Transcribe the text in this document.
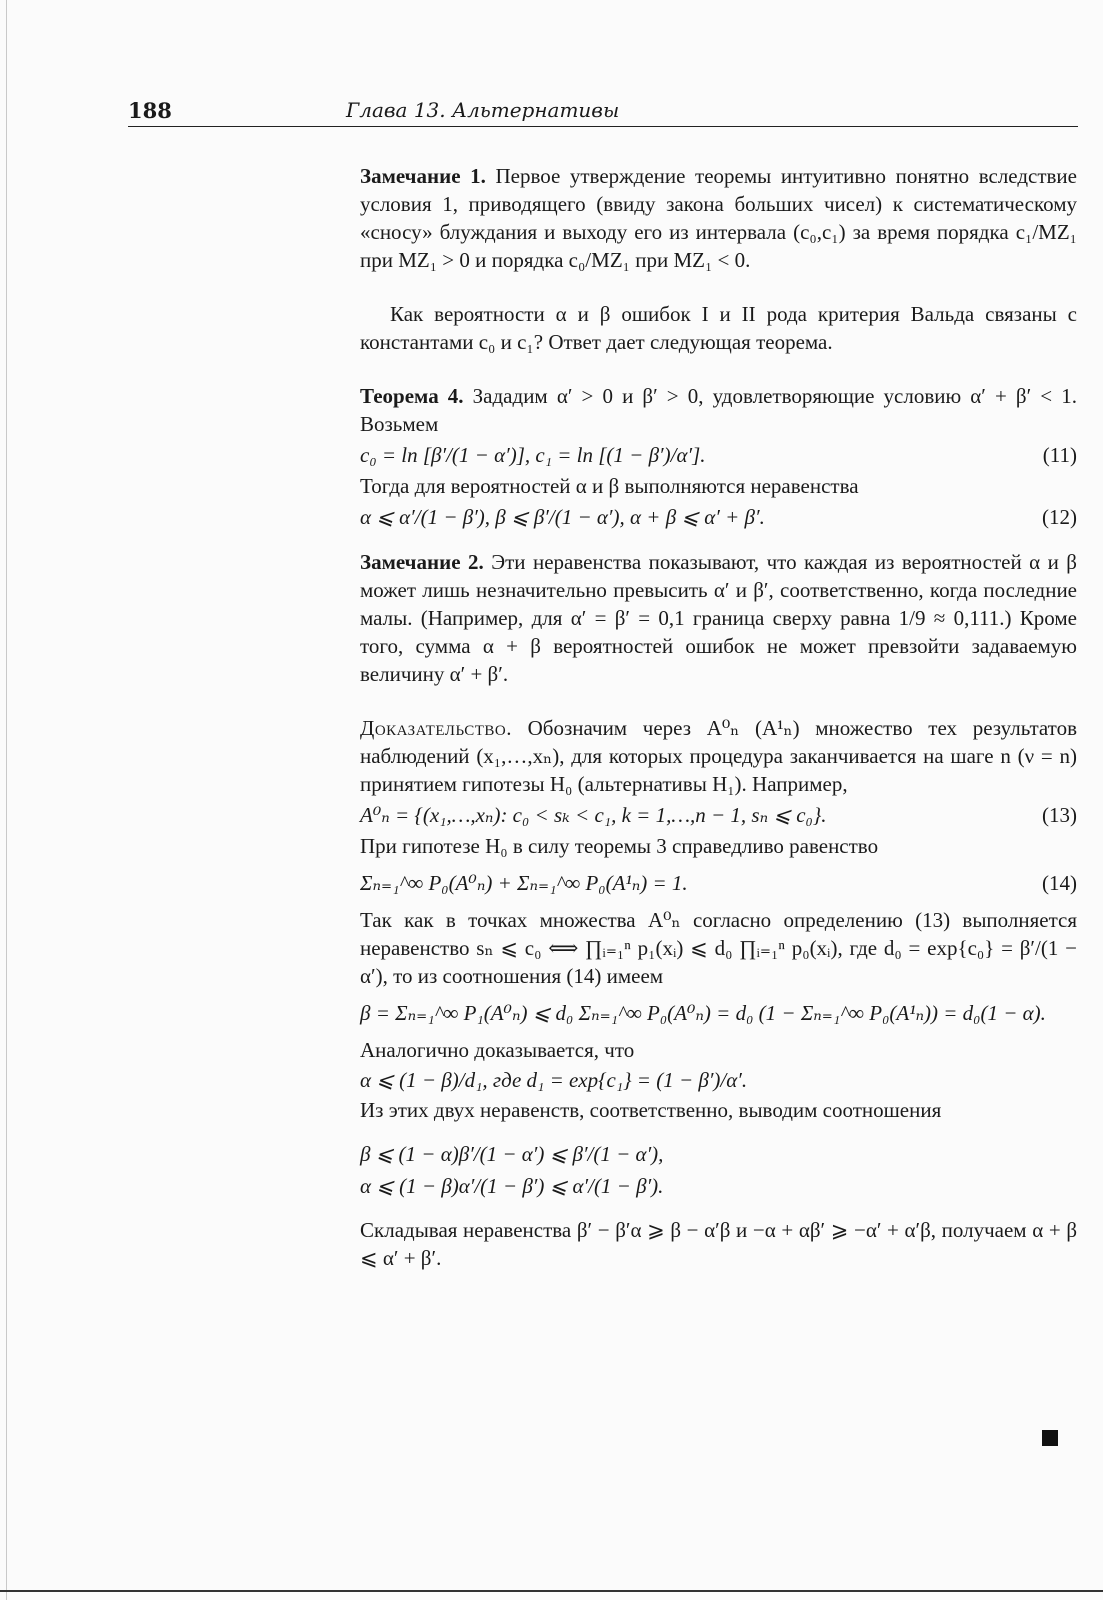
188	Глава 13. Альтернативы

Замечание 1. Первое утверждение теоремы интуитивно понятно вследствие условия 1, приводящего (ввиду закона больших чисел) к систематическому «сносу» блуждания и выходу его из интервала (c₀,c₁) за время порядка c₁/MZ₁ при MZ₁ > 0 и порядка c₀/MZ₁ при MZ₁ < 0.

Как вероятности α и β ошибок I и II рода критерия Вальда связаны с константами c₀ и c₁? Ответ дает следующая теорема.

Теорема 4. Зададим α′ > 0 и β′ > 0, удовлетворяющие условию α′ + β′ < 1. Возьмем

c₀ = ln [β′/(1 − α′)], c₁ = ln [(1 − β′)/α′].	(11)

Тогда для вероятностей α и β выполняются неравенства

α ⩽ α′/(1 − β′), β ⩽ β′/(1 − α′), α + β ⩽ α′ + β′.	(12)

Замечание 2. Эти неравенства показывают, что каждая из вероятностей α и β может лишь незначительно превысить α′ и β′, соответственно, когда последние малы. (Например, для α′ = β′ = 0,1 граница сверху равна 1/9 ≈ 0,111.) Кроме того, сумма α + β вероятностей ошибок не может превзойти задаваемую величину α′ + β′.

Доказательство. Обозначим через A⁰ₙ (A¹ₙ) множество тех результатов наблюдений (x₁,…,xₙ), для которых процедура заканчивается на шаге n (ν = n) принятием гипотезы H₀ (альтернативы H₁). Например,

A⁰ₙ = {(x₁,…,xₙ): c₀ < sₖ < c₁, k = 1,…,n − 1, sₙ ⩽ c₀}.	(13)

При гипотезе H₀ в силу теоремы 3 справедливо равенство

Σₙ₌₁^∞ P₀(A⁰ₙ) + Σₙ₌₁^∞ P₀(A¹ₙ) = 1.	(14)

Так как в точках множества A⁰ₙ согласно определению (13) выполняется неравенство sₙ ⩽ c₀ ⟺ ∏ᵢ₌₁ⁿ p₁(xᵢ) ⩽ d₀ ∏ᵢ₌₁ⁿ p₀(xᵢ), где d₀ = exp{c₀} = β′/(1 − α′), то из соотношения (14) имеем

β = Σₙ₌₁^∞ P₁(A⁰ₙ) ⩽ d₀ Σₙ₌₁^∞ P₀(A⁰ₙ) = d₀ (1 − Σₙ₌₁^∞ P₀(A¹ₙ)) = d₀(1 − α).

Аналогично доказывается, что

α ⩽ (1 − β)/d₁, где d₁ = exp{c₁} = (1 − β′)/α′.

Из этих двух неравенств, соответственно, выводим соотношения

β ⩽ (1 − α)β′/(1 − α′) ⩽ β′/(1 − α′),
α ⩽ (1 − β)α′/(1 − β′) ⩽ α′/(1 − β′).

Складывая неравенства β′ − β′α ⩾ β − α′β и −α + αβ′ ⩾ −α′ + α′β, получаем α + β ⩽ α′ + β′.
